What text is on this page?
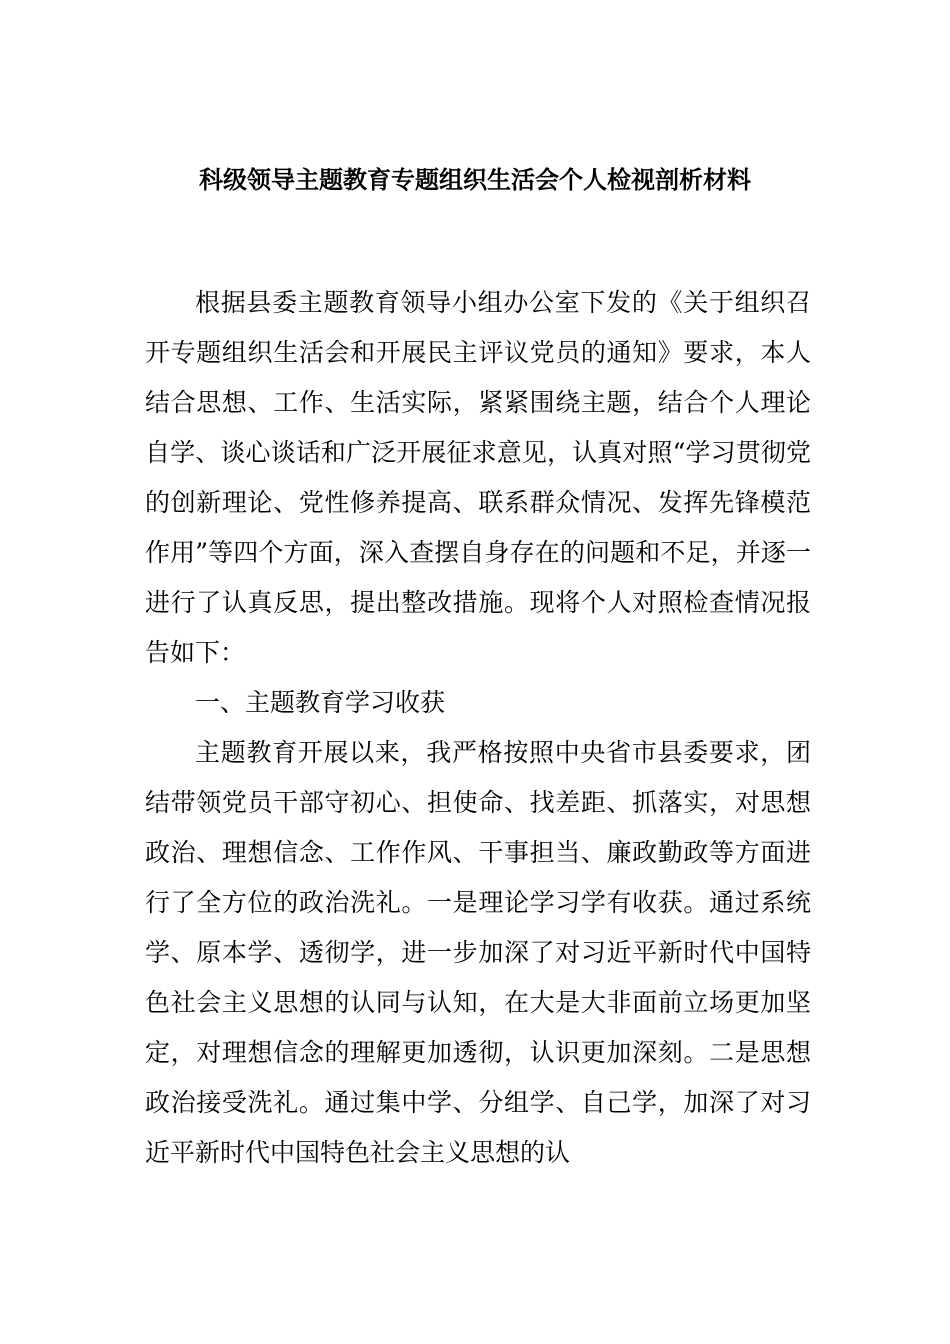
科级领导主题教育专题组织生活会个人检视剖析材料

根据县委主题教育领导小组办公室下发的《关于组织召开专题组织生活会和开展民主评议党员的通知》要求，本人结合思想、工作、生活实际，紧紧围绕主题，结合个人理论自学、谈心谈话和广泛开展征求意见，认真对照“学习贯彻党的创新理论、党性修养提高、联系群众情况、发挥先锋模范作用”等四个方面，深入查摆自身存在的问题和不足，并逐一进行了认真反思，提出整改措施。现将个人对照检查情况报告如下：

一、主题教育学习收获

主题教育开展以来，我严格按照中央省市县委要求，团结带领党员干部守初心、担使命、找差距、抓落实，对思想政治、理想信念、工作作风、干事担当、廉政勤政等方面进行了全方位的政治洗礼。一是理论学习学有收获。通过系统学、原本学、透彻学，进一步加深了对习近平新时代中国特色社会主义思想的认同与认知，在大是大非面前立场更加坚定，对理想信念的理解更加透彻，认识更加深刻。二是思想政治接受洗礼。通过集中学、分组学、自己学，加深了对习近平新时代中国特色社会主义思想的认
